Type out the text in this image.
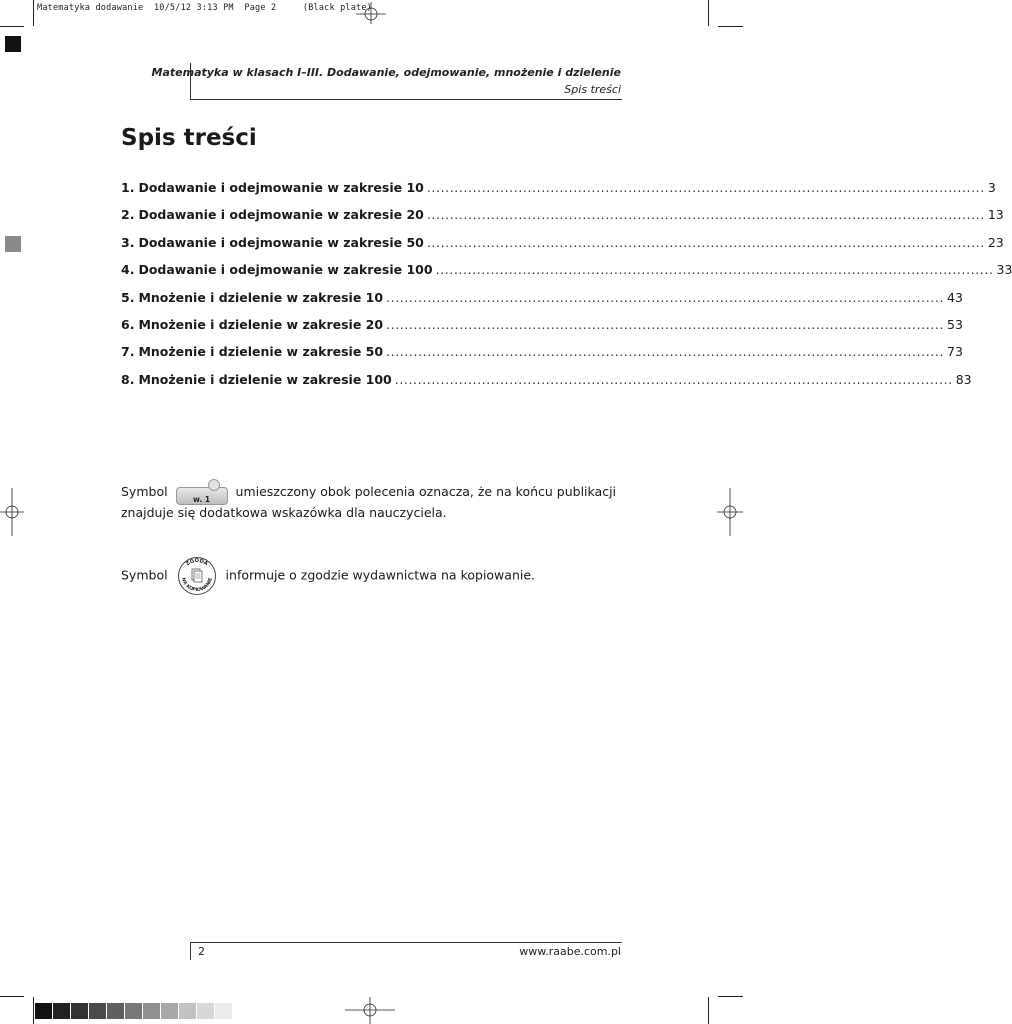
Matematyka dodawanie  10/5/12 3:13 PM  Page 2     (Black plate)
Matematyka w klasach I–III. Dodawanie, odejmowanie, mnożenie i dzielenie
Spis treści
Spis treści
1. Dodawanie i odejmowanie w zakresie 10 .......................................................................................................................... 3
2. Dodawanie i odejmowanie w zakresie 20 .......................................................................................................................... 13
3. Dodawanie i odejmowanie w zakresie 50 .......................................................................................................................... 23
4. Dodawanie i odejmowanie w zakresie 100 .......................................................................................................................... 33
5. Mnożenie i dzielenie w zakresie 10 .......................................................................................................................... 43
6. Mnożenie i dzielenie w zakresie 20 .......................................................................................................................... 53
7. Mnożenie i dzielenie w zakresie 50 .......................................................................................................................... 73
8. Mnożenie i dzielenie w zakresie 100 .......................................................................................................................... 83
Symbol	w. 1	umieszczony obok polecenia oznacza, że na końcu publikacji znajduje się dodatkowa wskazówka dla nauczyciela.
Symbol
ZGODA
NA KOPIOWANIE informuje o zgodzie wydawnictwa na kopiowanie.
2	www.raabe.com.pl
